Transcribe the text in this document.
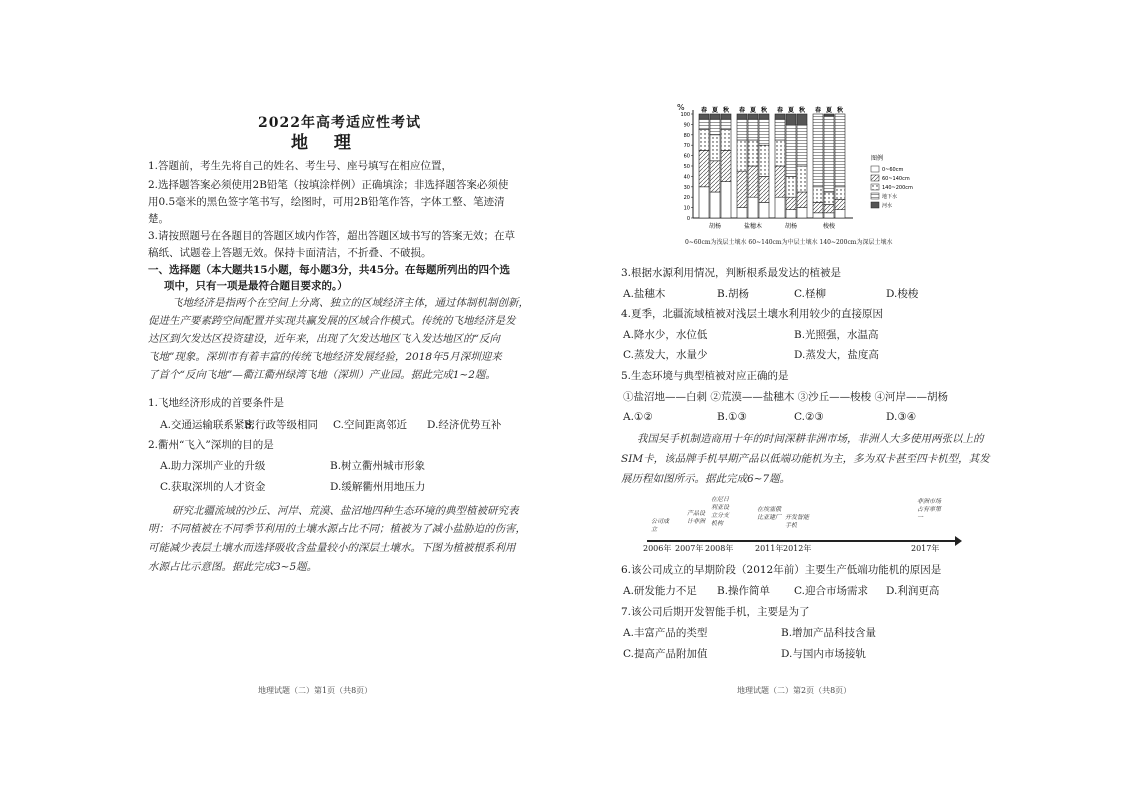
2022年高考适应性考试
地 理
1.答题前，考生先将自己的姓名、考生号、座号填写在相应位置，
2.选择题答案必须使用2B铅笔（按填涂样例）正确填涂；非选择题答案必须使
用0.5毫米的黑色签字笔书写，绘图时，可用2B铅笔作答，字体工整、笔迹清
楚。
3.请按照题号在各题目的答题区域内作答，超出答题区域书写的答案无效；在草
稿纸、试题卷上答题无效。保持卡面清洁，不折叠、不破损。
一、选择题（本大题共15小题，每小题3分，共45分。在每题所列出的四个选
项中，只有一项是最符合题目要求的。）
飞地经济是指两个在空间上分离、独立的区域经济主体，通过体制机制创新，
促进生产要素跨空间配置并实现共赢发展的区域合作模式。传统的飞地经济是发
达区到欠发达区投资建设，近年来，出现了欠发达地区飞入发达地区的“反向
飞地”现象。深圳市有着丰富的传统飞地经济发展经验，2018年5月深圳迎来
了首个“反向飞地”—衢江衢州绿湾飞地（深圳）产业园。据此完成1~2题。
1.飞地经济形成的首要条件是
A.交通运输联系紧密
B.行政等级相同 C.空间距离邻近 D.经济优势互补
2.衢州“飞入”深圳的目的是
A.助力深圳产业的升级	B.树立衢州城市形象
C.获取深圳的人才资金	D.缓解衢州用地压力
研究北疆流域的沙丘、河岸、荒漠、盐沼地四种生态环境的典型植被研究表
明：不同植被在不同季节利用的土壤水源占比不同；植被为了减小盐胁迫的伤害，
可能减少表层土壤水而选择吸收含盐量较小的深层土壤水。下图为植被根系利用
水源占比示意图。据此完成3~5题。
地理试题（二）第1页（共8页）
%
0
10
20
30
40
50
60
70
80
90
100
春 夏 秋
胡杨
春 夏 秋
盐穗木
春 夏 秋
胡杨
春 夏 秋
梭梭
图例
0~60cm
60~140cm
140~200cm
地下水
河水
0~60cm为浅层土壤水 60~140cm为中层土壤水 140~200cm为深层土壤水
3.根据水源利用情况，判断根系最发达的植被是
A.盐穗木	B.胡杨	C.柽柳	D.梭梭
4.夏季，北疆流域植被对浅层土壤水利用较少的直接原因
A.降水少，水位低	B.光照强，水温高
C.蒸发大，水量少	D.蒸发大，盐度高
5.生态环境与典型植被对应正确的是
①盐沼地——白刺 ②荒漠——盐穗木 ③沙丘——梭梭 ④河岸——胡杨
A.①②	B.①③	C.②③	D.③④
我国吴手机制造商用十年的时间深耕非洲市场，非洲人大多使用两张以上的
SIM卡，该品牌手机早期产品以低端功能机为主，多为双卡甚至四卡机型，其发
展历程如图所示。据此完成6~7题。
公司成立
产品设计非洲
在尼日利亚设立分支机构
在埃塞俄比亚建厂 开发智能手机
非洲市场占有率第一
2006年 2007年 2008年	2011年 2012年	2017年
6.该公司成立的早期阶段（2012年前）主要生产低端功能机的原因是
A.研发能力不足 B.操作简单 C.迎合市场需求 D.利润更高
7.该公司后期开发智能手机，主要是为了
A.丰富产品的类型	B.增加产品科技含量
C.提高产品附加值	D.与国内市场接轨
地理试题（二）第2页（共8页）
